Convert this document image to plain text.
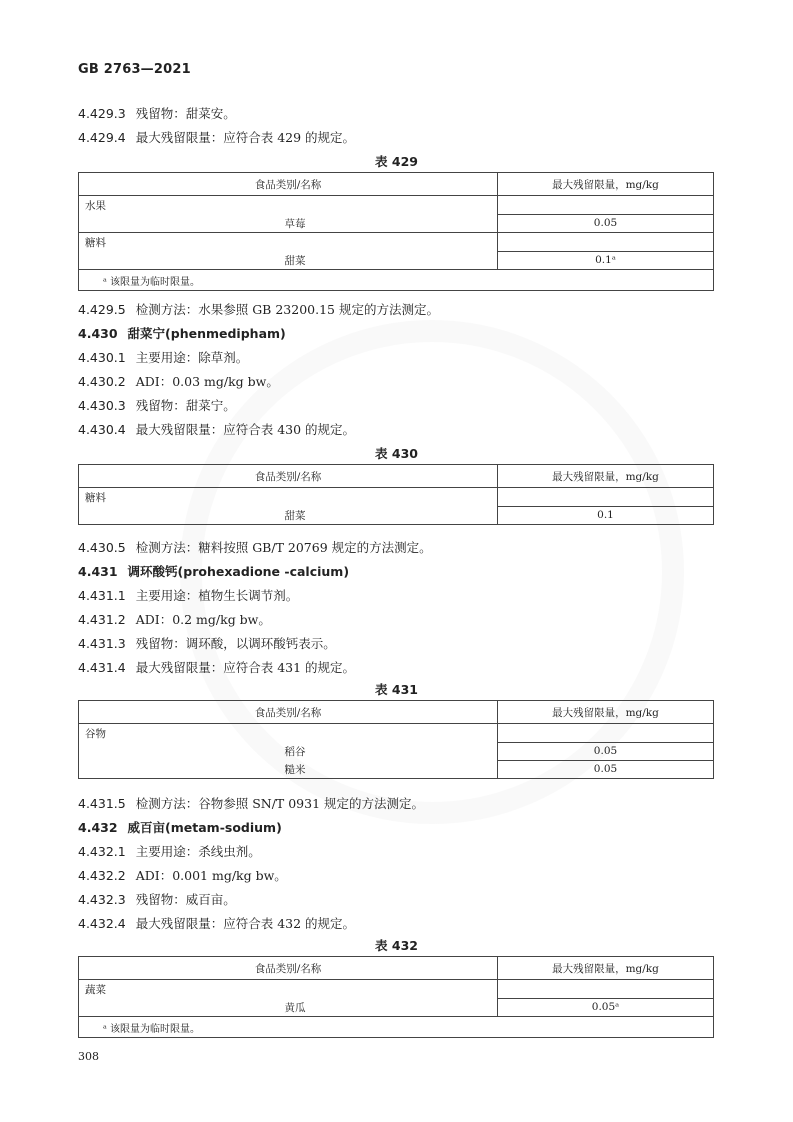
GB 2763—2021
4.429.3 残留物：甜菜安。
4.429.4 最大残留限量：应符合表 429 的规定。
表 429
食品类别/名称	最大残留限量，mg/kg
水果	
草莓	0.05
糖料	
甜菜	0.1ᵃ
ᵃ 该限量为临时限量。	
4.429.5 检测方法：水果参照 GB 23200.15 规定的方法测定。
4.430 甜菜宁(phenmedipham)
4.430.1 主要用途：除草剂。
4.430.2 ADI：0.03 mg/kg bw。
4.430.3 残留物：甜菜宁。
4.430.4 最大残留限量：应符合表 430 的规定。
表 430
食品类别/名称	最大残留限量，mg/kg
糖料	
甜菜	0.1
4.430.5 检测方法：糖料按照 GB/T 20769 规定的方法测定。
4.431 调环酸钙(prohexadione -calcium)
4.431.1 主要用途：植物生长调节剂。
4.431.2 ADI：0.2 mg/kg bw。
4.431.3 残留物：调环酸，以调环酸钙表示。
4.431.4 最大残留限量：应符合表 431 的规定。
表 431
食品类别/名称	最大残留限量，mg/kg
谷物	
稻谷	0.05
糙米	0.05
4.431.5 检测方法：谷物参照 SN/T 0931 规定的方法测定。
4.432 威百亩(metam-sodium)
4.432.1 主要用途：杀线虫剂。
4.432.2 ADI：0.001 mg/kg bw。
4.432.3 残留物：威百亩。
4.432.4 最大残留限量：应符合表 432 的规定。
表 432
食品类别/名称	最大残留限量，mg/kg
蔬菜	
黄瓜	0.05ᵃ
ᵃ 该限量为临时限量。	
308
